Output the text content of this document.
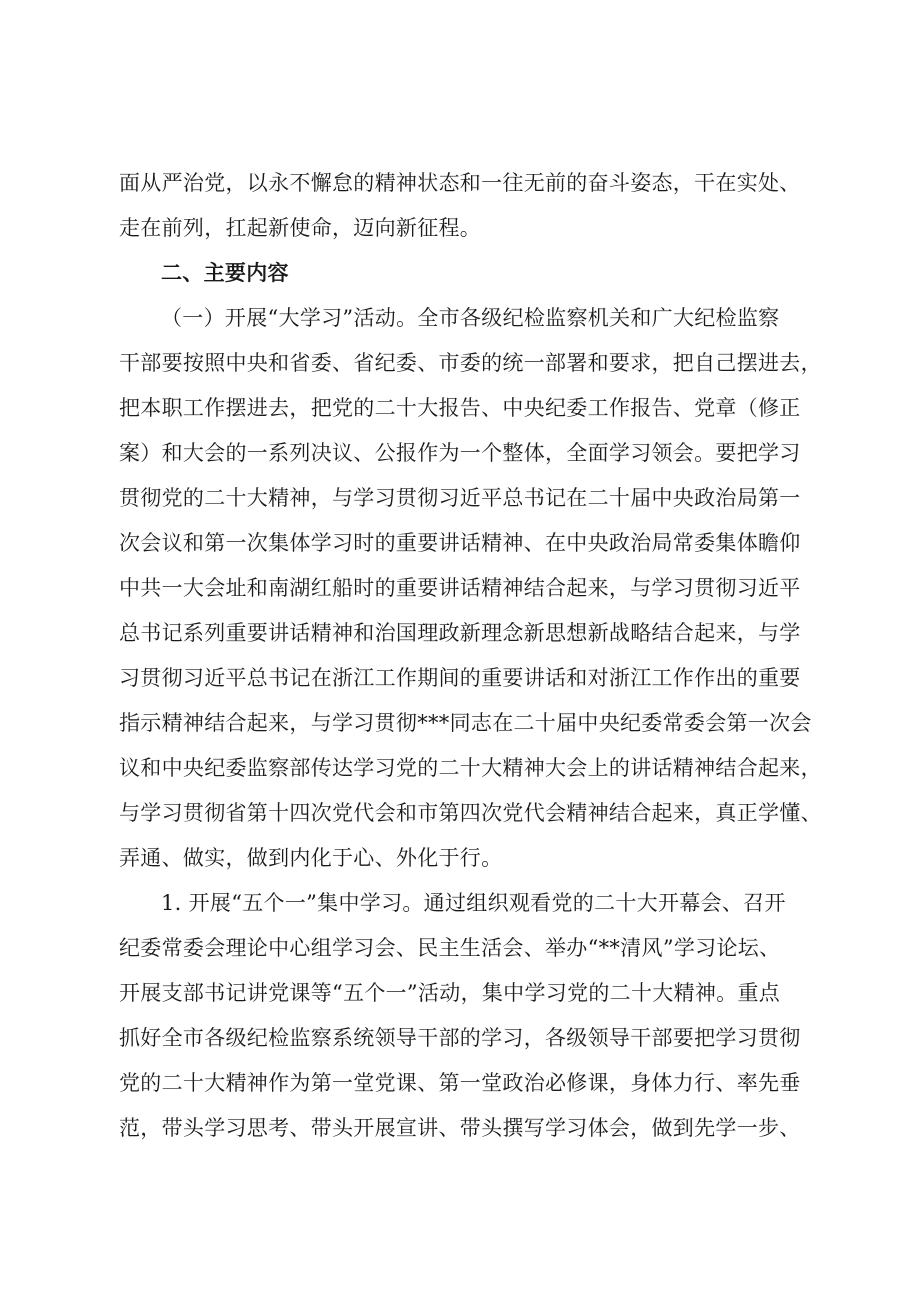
面从严治党，以永不懈怠的精神状态和一往无前的奋斗姿态，干在实处、
走在前列，扛起新使命，迈向新征程。
二、主要内容
（一）开展“大学习”活动。全市各级纪检监察机关和广大纪检监察
干部要按照中央和省委、省纪委、市委的统一部署和要求，把自己摆进去，
把本职工作摆进去，把党的二十大报告、中央纪委工作报告、党章（修正
案）和大会的一系列决议、公报作为一个整体，全面学习领会。要把学习
贯彻党的二十大精神，与学习贯彻习近平总书记在二十届中央政治局第一
次会议和第一次集体学习时的重要讲话精神、在中央政治局常委集体瞻仰
中共一大会址和南湖红船时的重要讲话精神结合起来，与学习贯彻习近平
总书记系列重要讲话精神和治国理政新理念新思想新战略结合起来，与学
习贯彻习近平总书记在浙江工作期间的重要讲话和对浙江工作作出的重要
指示精神结合起来，与学习贯彻***同志在二十届中央纪委常委会第一次会
议和中央纪委监察部传达学习党的二十大精神大会上的讲话精神结合起来，
与学习贯彻省第十四次党代会和市第四次党代会精神结合起来，真正学懂、
弄通、做实，做到内化于心、外化于行。
1. 开展“五个一”集中学习。通过组织观看党的二十大开幕会、召开
纪委常委会理论中心组学习会、民主生活会、举办“**清风”学习论坛、
开展支部书记讲党课等“五个一”活动，集中学习党的二十大精神。重点
抓好全市各级纪检监察系统领导干部的学习，各级领导干部要把学习贯彻
党的二十大精神作为第一堂党课、第一堂政治必修课，身体力行、率先垂
范，带头学习思考、带头开展宣讲、带头撰写学习体会，做到先学一步、
